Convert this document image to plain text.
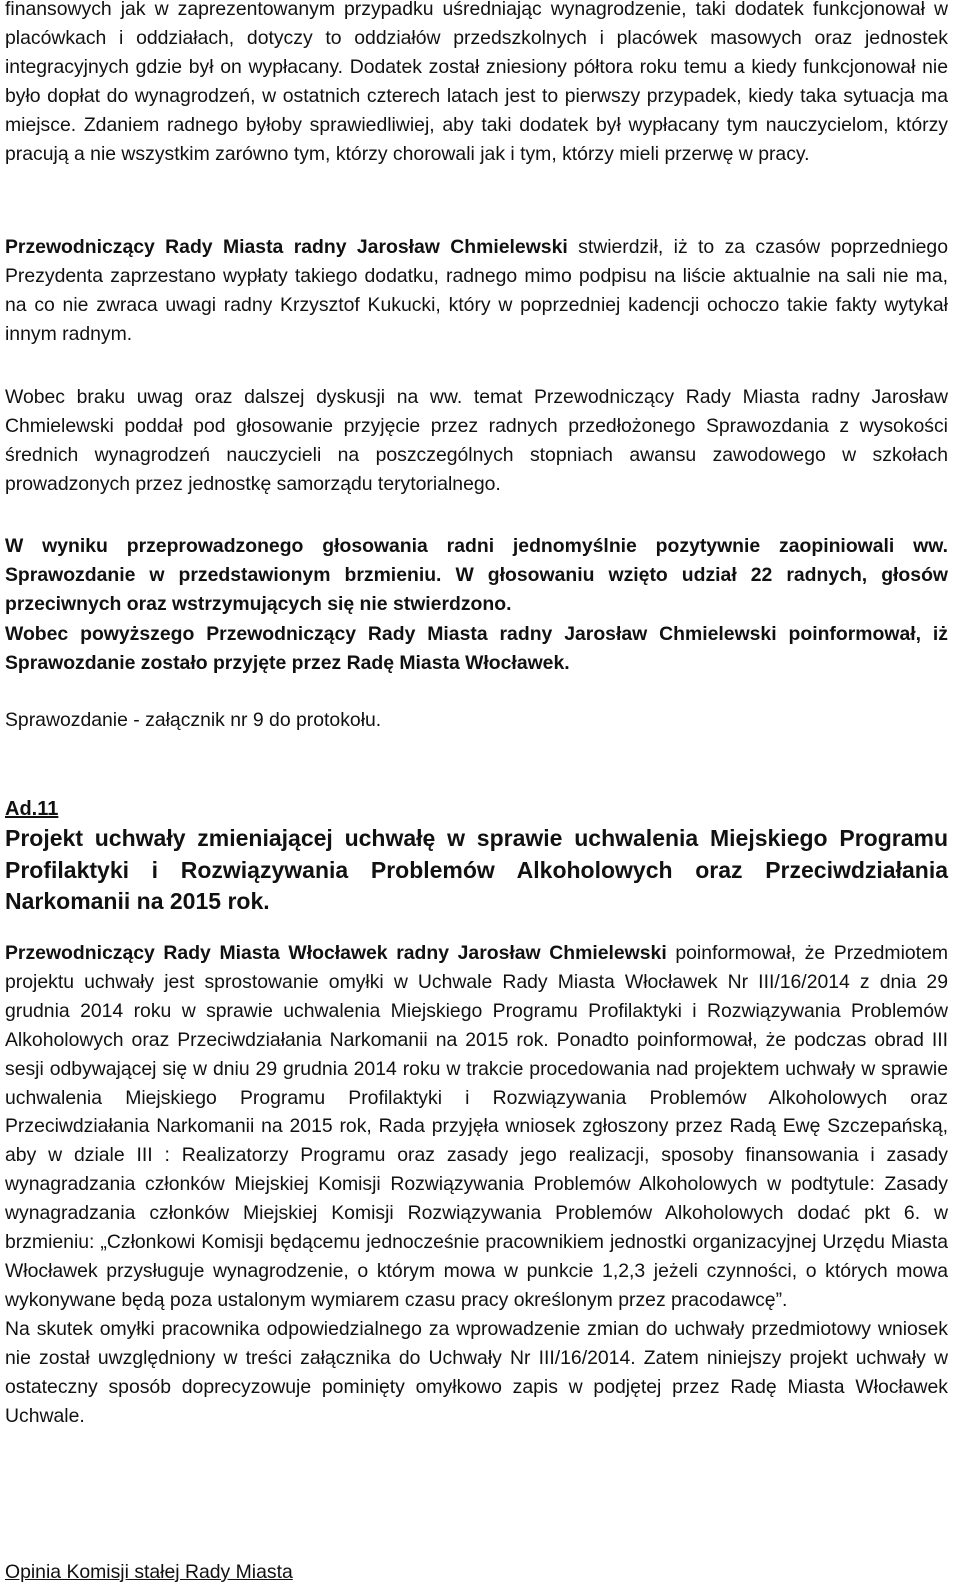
finansowych jak w zaprezentowanym przypadku uśredniając wynagrodzenie, taki dodatek funkcjonował w placówkach i oddziałach, dotyczy to oddziałów przedszkolnych i placówek masowych oraz jednostek integracyjnych gdzie był on wypłacany. Dodatek został zniesiony półtora roku temu a kiedy funkcjonował nie było dopłat do wynagrodzeń, w ostatnich czterech latach jest to pierwszy przypadek, kiedy taka sytuacja ma miejsce. Zdaniem radnego byłoby sprawiedliwiej, aby taki dodatek był wypłacany tym nauczycielom, którzy pracują a nie wszystkim zarówno tym, którzy chorowali jak i tym, którzy mieli przerwę w pracy.

Przewodniczący Rady Miasta radny Jarosław Chmielewski stwierdził, iż to za czasów poprzedniego Prezydenta zaprzestano wypłaty takiego dodatku, radnego mimo podpisu na liście aktualnie na sali nie ma, na co nie zwraca uwagi radny Krzysztof Kukucki, który w poprzedniej kadencji ochoczo takie fakty wytykał innym radnym.

Wobec braku uwag oraz dalszej dyskusji na ww. temat Przewodniczący Rady Miasta radny Jarosław Chmielewski poddał pod głosowanie przyjęcie przez radnych przedłożonego Sprawozdania z wysokości średnich wynagrodzeń nauczycieli na poszczególnych stopniach awansu zawodowego w szkołach prowadzonych przez jednostkę samorządu terytorialnego.

W wyniku przeprowadzonego głosowania radni jednomyślnie pozytywnie zaopiniowali ww. Sprawozdanie w przedstawionym brzmieniu. W głosowaniu wzięto udział 22 radnych, głosów przeciwnych oraz wstrzymujących się nie stwierdzono.

Wobec powyższego Przewodniczący Rady Miasta radny Jarosław Chmielewski poinformował, iż Sprawozdanie zostało przyjęte przez Radę Miasta Włocławek.

Sprawozdanie - załącznik nr 9 do protokołu.

Ad.11
Projekt uchwały zmieniającej uchwałę w sprawie uchwalenia Miejskiego Programu Profilaktyki i Rozwiązywania Problemów Alkoholowych oraz Przeciwdziałania Narkomanii na 2015 rok.

Przewodniczący Rady Miasta Włocławek radny Jarosław Chmielewski poinformował, że Przedmiotem projektu uchwały jest sprostowanie omyłki w Uchwale Rady Miasta Włocławek Nr III/16/2014 z dnia 29 grudnia 2014 roku w sprawie uchwalenia Miejskiego Programu Profilaktyki i Rozwiązywania Problemów Alkoholowych oraz Przeciwdziałania Narkomanii na 2015 rok. Ponadto poinformował, że podczas obrad III sesji odbywającej się w dniu 29 grudnia 2014 roku w trakcie procedowania nad projektem uchwały w sprawie uchwalenia Miejskiego Programu Profilaktyki i Rozwiązywania Problemów Alkoholowych oraz Przeciwdziałania Narkomanii na 2015 rok, Rada przyjęła wniosek zgłoszony przez Radą Ewę Szczepańską, aby w dziale III : Realizatorzy Programu oraz zasady jego realizacji, sposoby finansowania i zasady wynagradzania członków Miejskiej Komisji Rozwiązywania Problemów Alkoholowych w podtytule: Zasady wynagradzania członków Miejskiej Komisji Rozwiązywania Problemów Alkoholowych dodać pkt 6. w brzmieniu: „Członkowi Komisji będącemu jednocześnie pracownikiem jednostki organizacyjnej Urzędu Miasta Włocławek przysługuje wynagrodzenie, o którym mowa w punkcie 1,2,3 jeżeli czynności, o których mowa wykonywane będą poza ustalonym wymiarem czasu pracy określonym przez pracodawcę”.

Na skutek omyłki pracownika odpowiedzialnego za wprowadzenie zmian do uchwały przedmiotowy wniosek nie został uwzględniony w treści załącznika do Uchwały Nr III/16/2014. Zatem niniejszy projekt uchwały w ostateczny sposób doprecyzowuje pominięty omyłkowo zapis w podjętej przez Radę Miasta Włocławek Uchwale.

Opinia Komisji stałej Rady Miasta
